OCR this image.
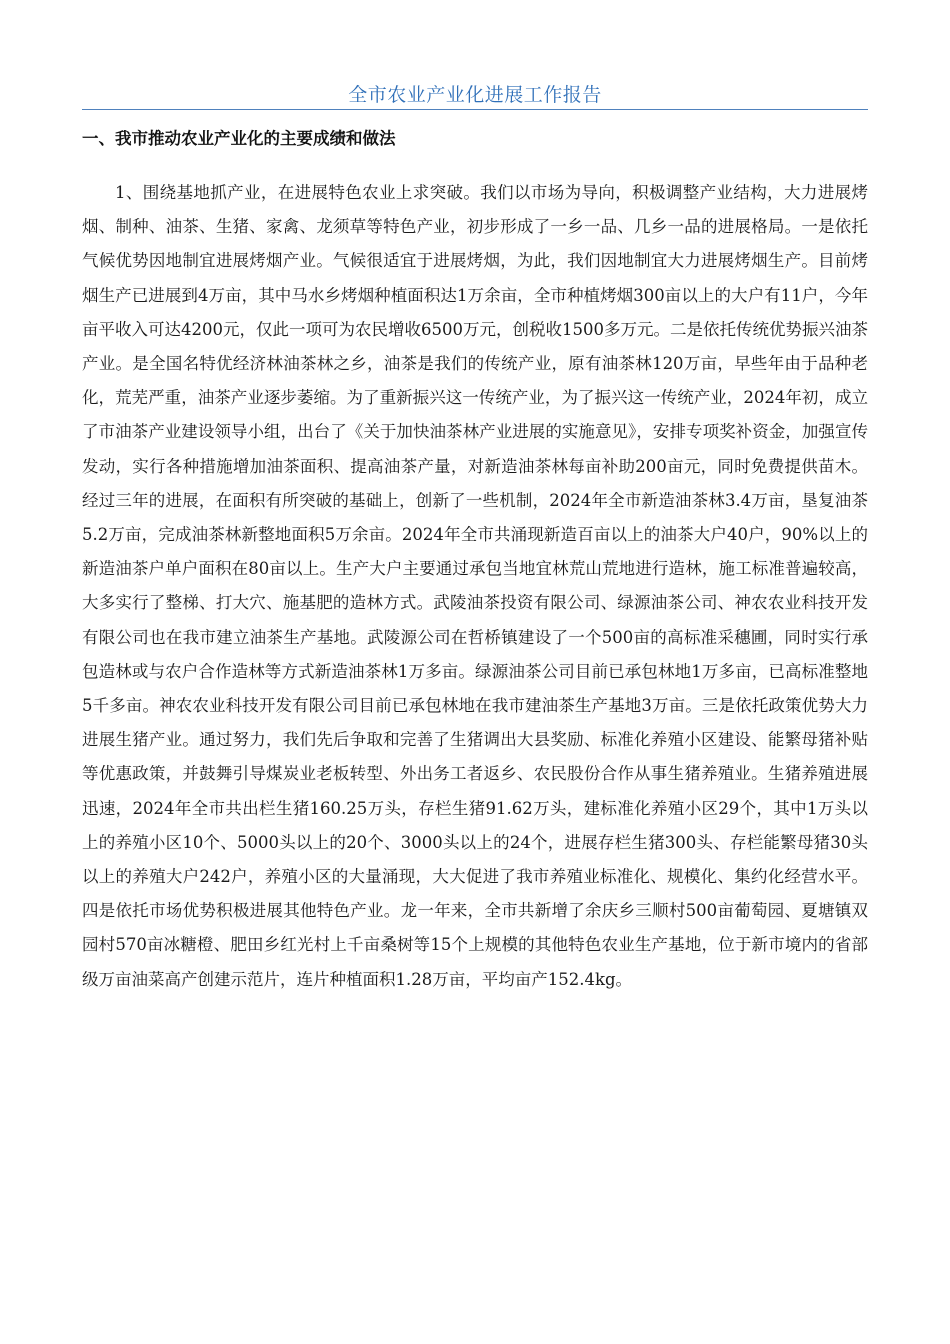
全市农业产业化进展工作报告
一、我市推动农业产业化的主要成绩和做法

1、围绕基地抓产业，在进展特色农业上求突破。我们以市场为导向，积极调整产业结构，大力进展烤烟、制种、油茶、生猪、家禽、龙须草等特色产业，初步形成了一乡一品、几乡一品的进展格局。一是依托气候优势因地制宜进展烤烟产业。气候很适宜于进展烤烟，为此，我们因地制宜大力进展烤烟生产。目前烤烟生产已进展到4万亩，其中马水乡烤烟种植面积达1万余亩，全市种植烤烟300亩以上的大户有11户，今年亩平收入可达4200元，仅此一项可为农民增收6500万元，创税收1500多万元。二是依托传统优势振兴油茶产业。是全国名特优经济林油茶林之乡，油茶是我们的传统产业，原有油茶林120万亩，早些年由于品种老化，荒芜严重，油茶产业逐步萎缩。为了重新振兴这一传统产业，为了振兴这一传统产业，2024年初，成立了市油茶产业建设领导小组，出台了《关于加快油茶林产业进展的实施意见》，安排专项奖补资金，加强宣传发动，实行各种措施增加油茶面积、提高油茶产量，对新造油茶林每亩补助200亩元，同时免费提供苗木。经过三年的进展，在面积有所突破的基础上，创新了一些机制，2024年全市新造油茶林3.4万亩，垦复油茶5.2万亩，完成油茶林新整地面积5万余亩。2024年全市共涌现新造百亩以上的油茶大户40户，90%以上的新造油茶户单户面积在80亩以上。生产大户主要通过承包当地宜林荒山荒地进行造林，施工标准普遍较高，大多实行了整梯、打大穴、施基肥的造林方式。武陵油茶投资有限公司、绿源油茶公司、神农农业科技开发有限公司也在我市建立油茶生产基地。武陵源公司在哲桥镇建设了一个500亩的高标准采穗圃，同时实行承包造林或与农户合作造林等方式新造油茶林1万多亩。绿源油茶公司目前已承包林地1万多亩，已高标准整地5千多亩。神农农业科技开发有限公司目前已承包林地在我市建油茶生产基地3万亩。三是依托政策优势大力进展生猪产业。通过努力，我们先后争取和完善了生猪调出大县奖励、标准化养殖小区建设、能繁母猪补贴等优惠政策，并鼓舞引导煤炭业老板转型、外出务工者返乡、农民股份合作从事生猪养殖业。生猪养殖进展迅速，2024年全市共出栏生猪160.25万头，存栏生猪91.62万头，建标准化养殖小区29个，其中1万头以上的养殖小区10个、5000头以上的20个、3000头以上的24个，进展存栏生猪300头、存栏能繁母猪30头以上的养殖大户242户，养殖小区的大量涌现，大大促进了我市养殖业标准化、规模化、集约化经营水平。四是依托市场优势积极进展其他特色产业。龙一年来，全市共新增了余庆乡三顺村500亩葡萄园、夏塘镇双园村570亩冰糖橙、肥田乡红光村上千亩桑树等15个上规模的其他特色农业生产基地，位于新市境内的省部级万亩油菜高产创建示范片，连片种植面积1.28万亩，平均亩产152.4kg。
